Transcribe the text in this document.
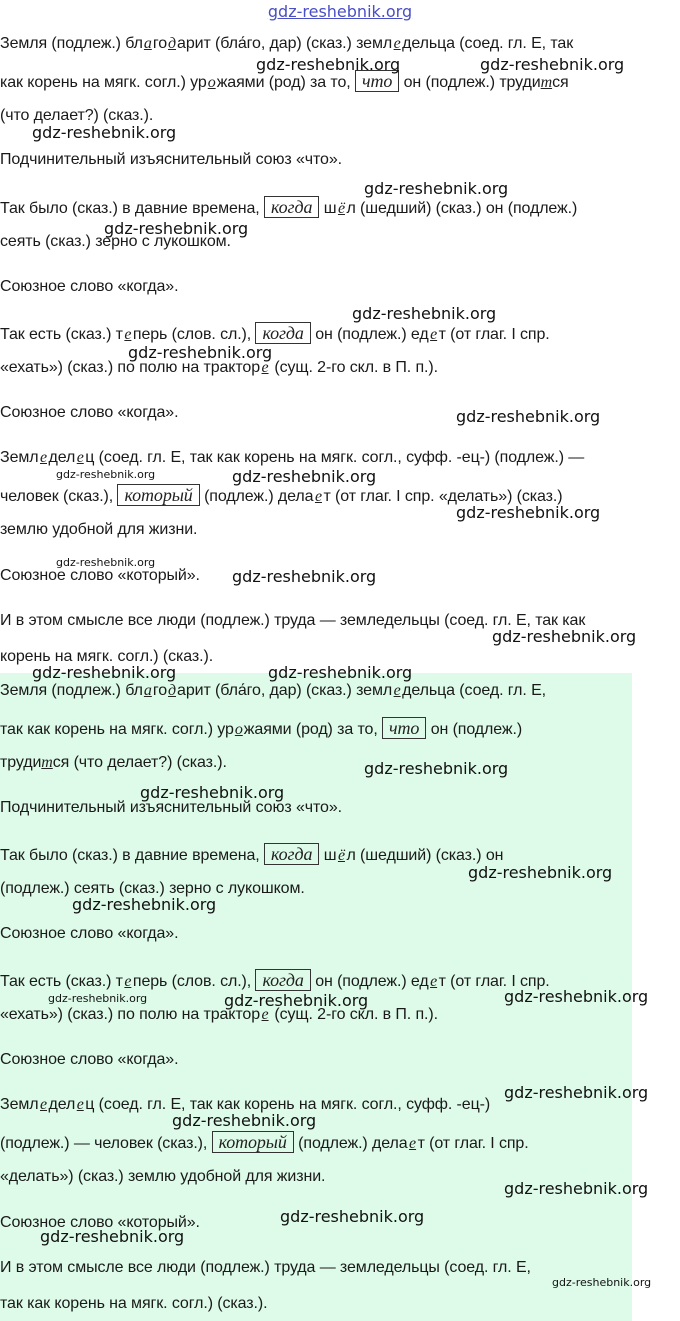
gdz-reshebnik.org
Земля (подлеж.) благодарит (бла́го, дар) (сказ.) земледельца (соед. гл. Е, так
как корень на мягк. согл.) урожаями (род) за то, что он (подлеж.) трудится
(что делает?) (сказ.).
Подчинительный изъяснительный союз «что».
Так было (сказ.) в давние времена, когда шёл (шедший) (сказ.) он (подлеж.)
сеять (сказ.) зерно с лукошком.
Союзное слово «когда».
Так есть (сказ.) теперь (слов. сл.), когда он (подлеж.) едет (от глаг. I спр.
«ехать») (сказ.) по полю на тракторе (сущ. 2-го скл. в П. п.).
Союзное слово «когда».
Земледелец (соед. гл. Е, так как корень на мягк. согл., суфф. -ец-) (подлеж.) —
человек (сказ.), который (подлеж.) делает (от глаг. I спр. «делать») (сказ.)
землю удобной для жизни.
Союзное слово «который».
И в этом смысле все люди (подлеж.) труда — земледельцы (соед. гл. Е, так как
корень на мягк. согл.) (сказ.).
Земля (подлеж.) благодарит (бла́го, дар) (сказ.) земледельца (соед. гл. Е,
так как корень на мягк. согл.) урожаями (род) за то, что он (подлеж.)
трудится (что делает?) (сказ.).
Подчинительный изъяснительный союз «что».
Так было (сказ.) в давние времена, когда шёл (шедший) (сказ.) он
(подлеж.) сеять (сказ.) зерно с лукошком.
Союзное слово «когда».
Так есть (сказ.) теперь (слов. сл.), когда он (подлеж.) едет (от глаг. I спр.
«ехать») (сказ.) по полю на тракторе (сущ. 2-го скл. в П. п.).
Союзное слово «когда».
Земледелец (соед. гл. Е, так как корень на мягк. согл., суфф. -ец-)
(подлеж.) — человек (сказ.), который (подлеж.) делает (от глаг. I спр.
«делать») (сказ.) землю удобной для жизни.
Союзное слово «который».
И в этом смысле все люди (подлеж.) труда — земледельцы (соед. гл. Е,
так как корень на мягк. согл.) (сказ.).
gdz-reshebnik.org	gdz-reshebnik.org
gdz-reshebnik.org
gdz-reshebnik.org
gdz-reshebnik.org
gdz-reshebnik.org
gdz-reshebnik.org
gdz-reshebnik.org
gdz-reshebnik.org	gdz-reshebnik.org
gdz-reshebnik.org
gdz-reshebnik.org
gdz-reshebnik.org
gdz-reshebnik.org
gdz-reshebnik.org	gdz-reshebnik.org
gdz-reshebnik.org
gdz-reshebnik.org
gdz-reshebnik.org
gdz-reshebnik.org
gdz-reshebnik.org
gdz-reshebnik.org	gdz-reshebnik.org
gdz-reshebnik.org
gdz-reshebnik.org
gdz-reshebnik.org
gdz-reshebnik.org
gdz-reshebnik.org
gdz-reshebnik.org
